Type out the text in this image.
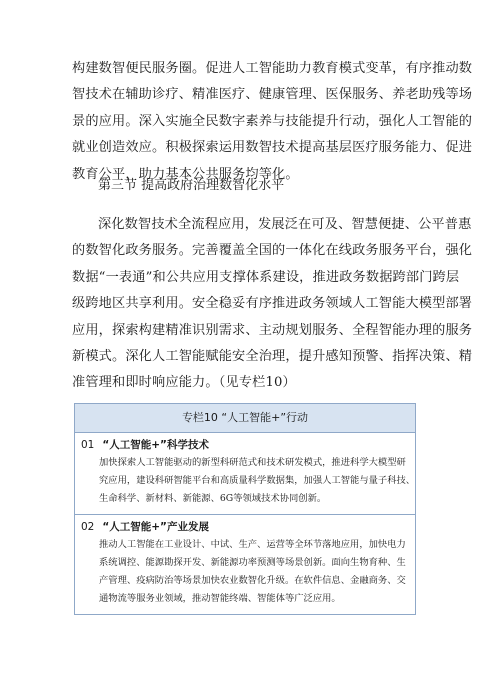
构建数智便民服务圈。促进人工智能助力教育模式变革，有序推动数
智技术在辅助诊疗、精准医疗、健康管理、医保服务、养老助残等场
景的应用。深入实施全民数字素养与技能提升行动，强化人工智能的
就业创造效应。积极探索运用数智技术提高基层医疗服务能力、促进
教育公平，助力基本公共服务均等化。
第三节 提高政府治理数智化水平
深化数智技术全流程应用，发展泛在可及、智慧便捷、公平普惠
的数智化政务服务。完善覆盖全国的一体化在线政务服务平台，强化
数据“一表通”和公共应用支撑体系建设，推进政务数据跨部门跨层
级跨地区共享利用。安全稳妥有序推进政务领域人工智能大模型部署
应用，探索构建精准识别需求、主动规划服务、全程智能办理的服务
新模式。深化人工智能赋能安全治理，提升感知预警、指挥决策、精
准管理和即时响应能力。（见专栏10）
专栏10 “人工智能+”行动
01 “人工智能+”科学技术
加快探索人工智能驱动的新型科研范式和技术研发模式，推进科学大模型研
究应用，建设科研智能平台和高质量科学数据集，加强人工智能与量子科技、
生命科学、新材料、新能源、6G等领域技术协同创新。
02 “人工智能+”产业发展
推动人工智能在工业设计、中试、生产、运营等全环节落地应用，加快电力
系统调控、能源勘探开发、新能源功率预测等场景创新。面向生物育种、生
产管理、疫病防治等场景加快农业数智化升级。在软件信息、金融商务、交
通物流等服务业领域，推动智能终端、智能体等广泛应用。
